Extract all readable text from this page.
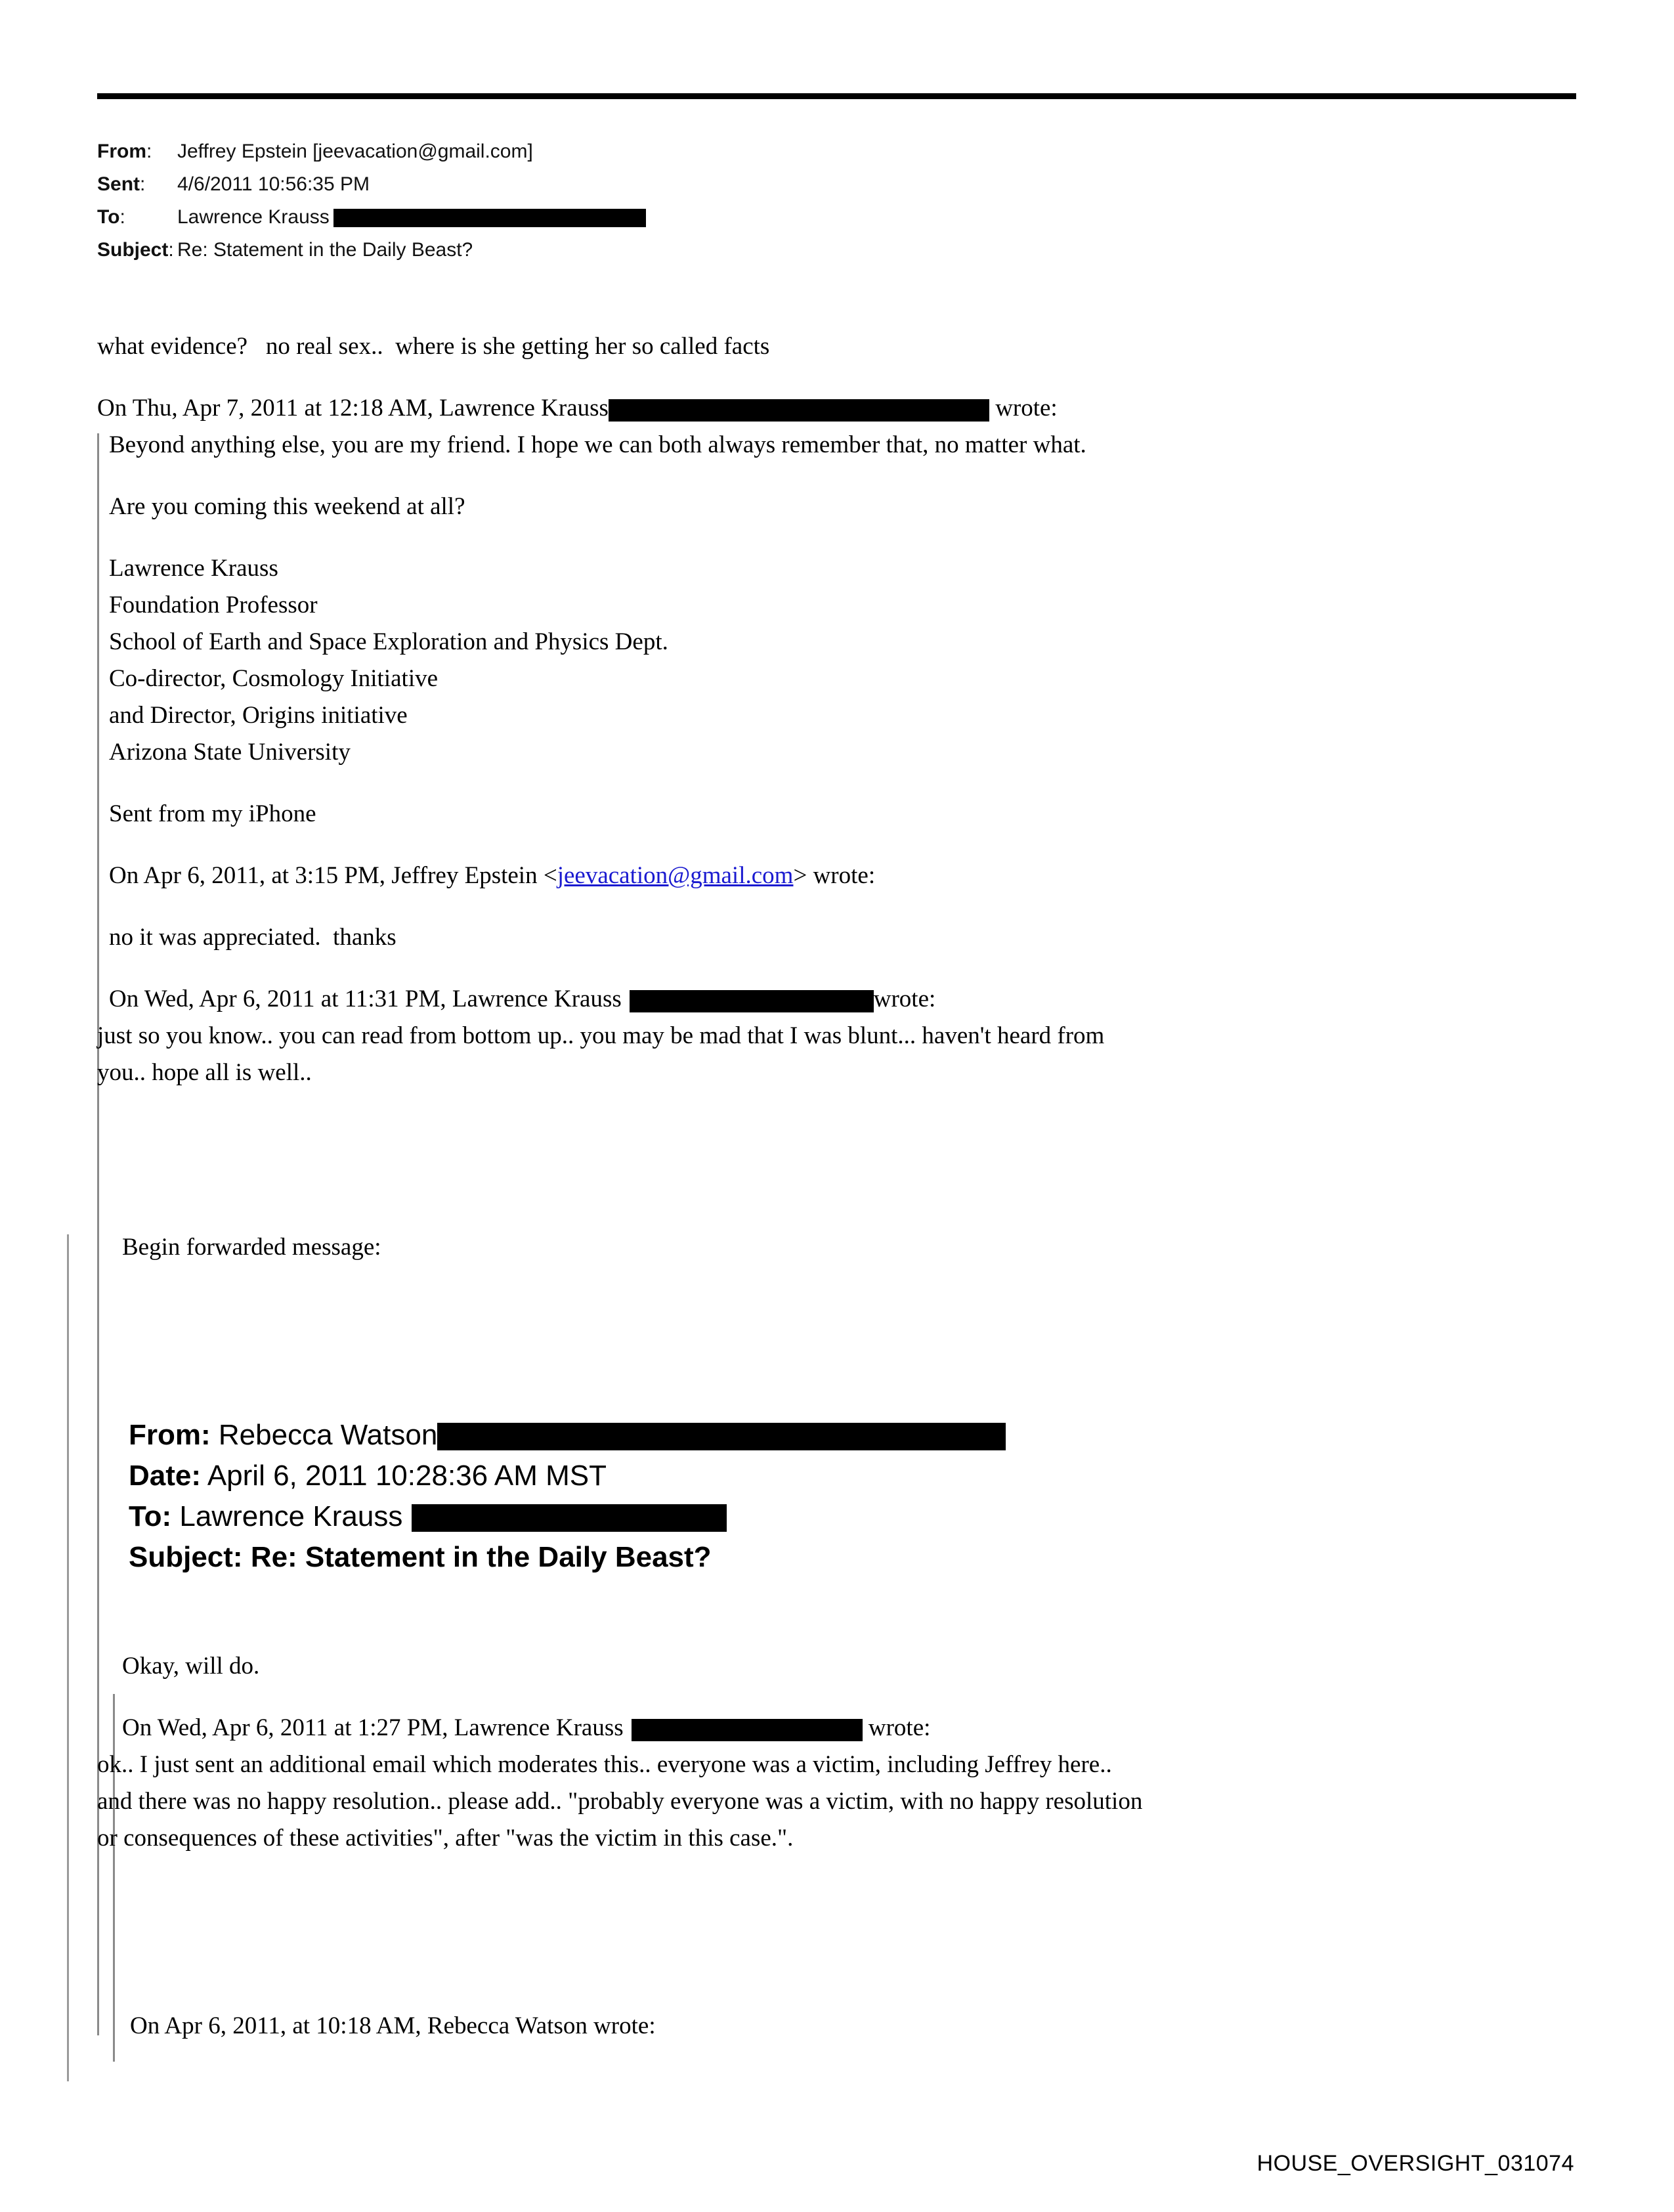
From:	Jeffrey Epstein [jeevacation@gmail.com]
Sent:	4/6/2011 10:56:35 PM
To:	Lawrence Krauss
Subject: Re: Statement in the Daily Beast?

what evidence?   no real sex..  where is she getting her so called facts

On Thu, Apr 7, 2011 at 12:18 AM, Lawrence Krauss	wrote:

Beyond anything else, you are my friend. I hope we can both always remember that, no matter what.

Are you coming this weekend at all?

Lawrence Krauss

Foundation Professor

School of Earth and Space Exploration and Physics Dept.

Co-director, Cosmology Initiative

and Director, Origins initiative

Arizona State University

Sent from my iPhone

On Apr 6, 2011, at 3:15 PM, Jeffrey Epstein <jeevacation@gmail.com> wrote:

no it was appreciated.  thanks

On Wed, Apr 6, 2011 at 11:31 PM, Lawrence Krauss	wrote:

just so you know.. you can read from bottom up.. you may be mad that I was blunt... haven't heard from

you.. hope all is well..

Begin forwarded message:

Okay, will do.

On Wed, Apr 6, 2011 at 1:27 PM, Lawrence Krauss	wrote:

ok.. I just sent an additional email which moderates this.. everyone was a victim, including Jeffrey here..

and there was no happy resolution.. please add.. "probably everyone was a victim, with no happy resolution

or consequences of these activities", after "was the victim in this case.".

On Apr 6, 2011, at 10:18 AM, Rebecca Watson wrote:

From: Rebecca Watson
Date: April 6, 2011 10:28:36 AM MST
To: Lawrence Krauss
Subject: Re: Statement in the Daily Beast?
HOUSE_OVERSIGHT_031074
